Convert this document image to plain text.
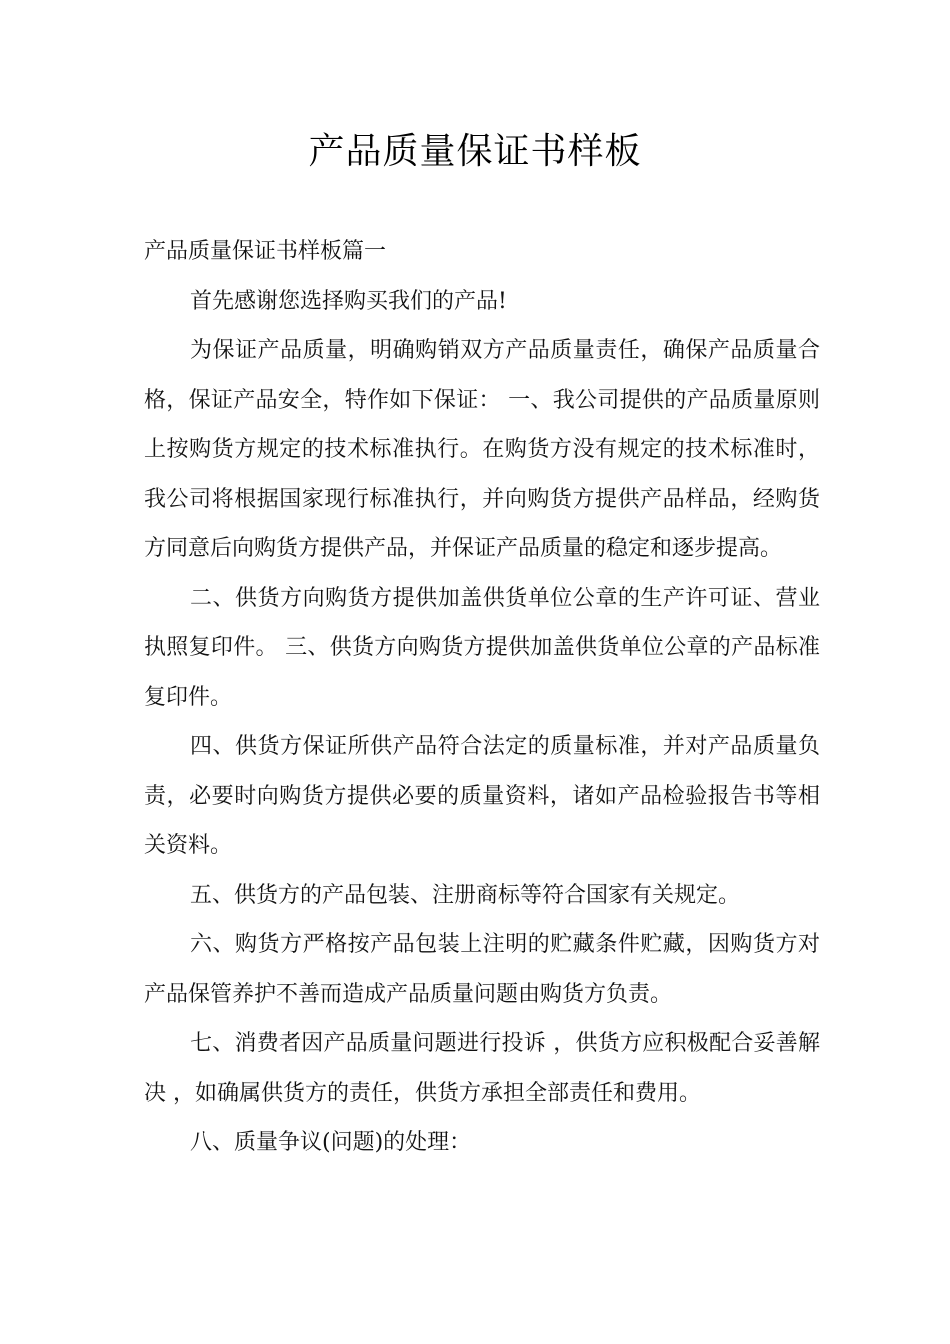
产品质量保证书样板

产品质量保证书样板篇一

首先感谢您选择购买我们的产品!

为保证产品质量，明确购销双方产品质量责任，确保产品质量合格，保证产品安全，特作如下保证： 一、我公司提供的产品质量原则上按购货方规定的技术标准执行。在购货方没有规定的技术标准时，我公司将根据国家现行标准执行，并向购货方提供产品样品，经购货方同意后向购货方提供产品，并保证产品质量的稳定和逐步提高。

二、供货方向购货方提供加盖供货单位公章的生产许可证、营业执照复印件。 三、供货方向购货方提供加盖供货单位公章的产品标准复印件。

四、供货方保证所供产品符合法定的质量标准，并对产品质量负责，必要时向购货方提供必要的质量资料，诸如产品检验报告书等相关资料。

五、供货方的产品包装、注册商标等符合国家有关规定。

六、购货方严格按产品包装上注明的贮藏条件贮藏，因购货方对产品保管养护不善而造成产品质量问题由购货方负责。

七、消费者因产品质量问题进行投诉 ，供货方应积极配合妥善解决 ，如确属供货方的责任，供货方承担全部责任和费用。

八、质量争议(问题)的处理：
